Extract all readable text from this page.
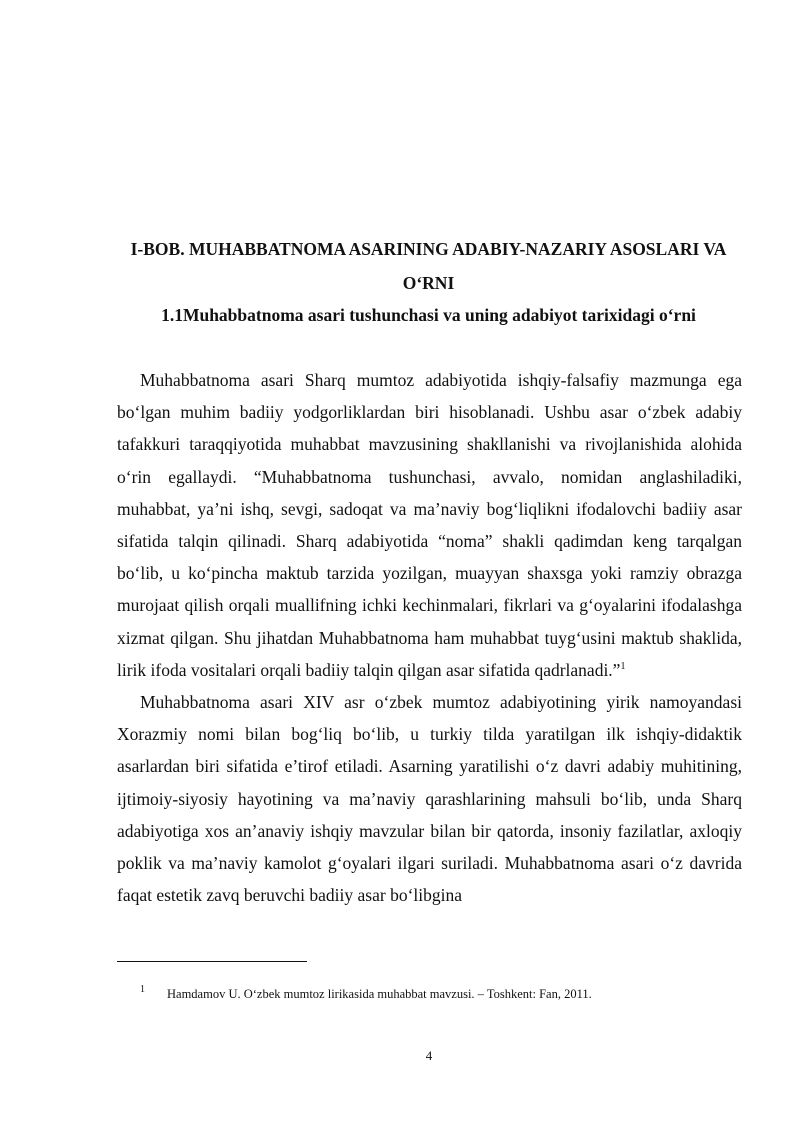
I-BOB. MUHABBATNOMA ASARINING ADABIY-NAZARIY ASOSLARI VA O‘RNI
1.1Muhabbatnoma asari tushunchasi va uning adabiyot tarixidagi o‘rni

Muhabbatnoma asari Sharq mumtoz adabiyotida ishqiy-falsafiy mazmunga ega bo‘lgan muhim badiiy yodgorliklardan biri hisoblanadi. Ushbu asar o‘zbek adabiy tafakkuri taraqqiyotida muhabbat mavzusining shakllanishi va rivojlanishida alohida o‘rin egallaydi. “Muhabbatnoma tushunchasi, avvalo, nomidan anglashiladiki, muhabbat, ya’ni ishq, sevgi, sadoqat va ma’naviy bog‘liqlikni ifodalovchi badiiy asar sifatida talqin qilinadi. Sharq adabiyotida “noma” shakli qadimdan keng tarqalgan bo‘lib, u ko‘pincha maktub tarzida yozilgan, muayyan shaxsga yoki ramziy obrazga murojaat qilish orqali muallifning ichki kechinmalari, fikrlari va g‘oyalarini ifodalashga xizmat qilgan. Shu jihatdan Muhabbatnoma ham muhabbat tuyg‘usini maktub shaklida, lirik ifoda vositalari orqali badiiy talqin qilgan asar sifatida qadrlanadi.”$^1$

Muhabbatnoma asari XIV asr o‘zbek mumtoz adabiyotining yirik namoyandasi Xorazmiy nomi bilan bog‘liq bo‘lib, u turkiy tilda yaratilgan ilk ishqiy-didaktik asarlardan biri sifatida e’tirof etiladi. Asarning yaratilishi o‘z davri adabiy muhitining, ijtimoiy-siyosiy hayotining va ma’naviy qarashlarining mahsuli bo‘lib, unda Sharq adabiyotiga xos an’anaviy ishqiy mavzular bilan bir qatorda, insoniy fazilatlar, axloqiy poklik va ma’naviy kamolot g‘oyalari ilgari suriladi. Muhabbatnoma asari o‘z davrida faqat estetik zavq beruvchi badiiy asar bo‘libgina

1 Hamdamov U. O‘zbek mumtoz lirikasida muhabbat mavzusi. – Toshkent: Fan, 2011.
4
